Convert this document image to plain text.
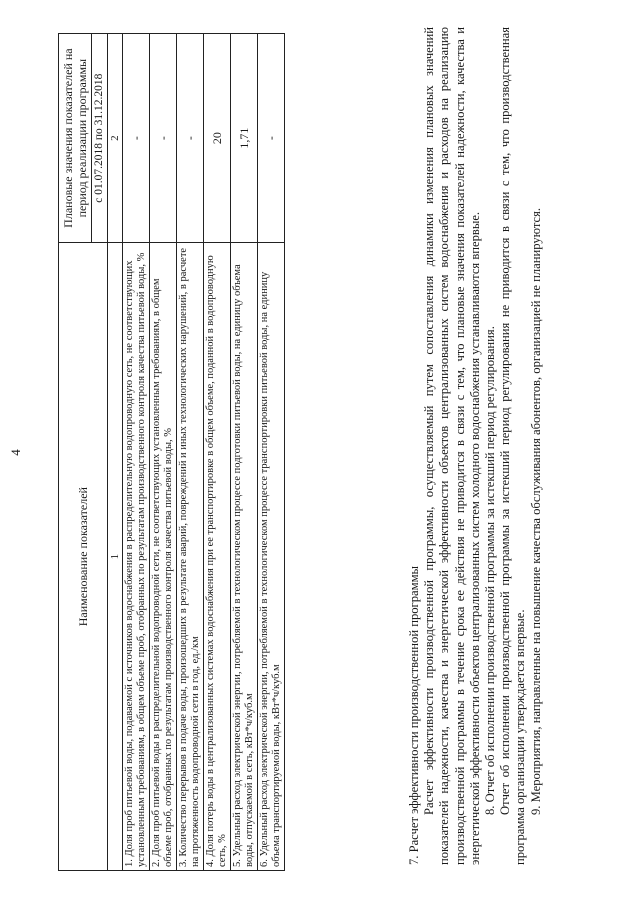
4
Наименование показателей	Плановые значения показателей на период реализации программы
	с 01.07.2018 по 31.12.2018
1	2
1. Доля проб питьевой воды, подаваемой с источников водоснабжения в распределительную водопроводную сеть, не соответствующих установленным требованиям, в общем объеме проб, отобранных по результатам производственного контроля качества питьевой воды, %	-
2. Доля проб питьевой воды в распределительной водопроводной сети, не соответствующих установленным требованиям, в общем объеме проб, отобранных по результатам производственного контроля качества питьевой воды, %	-
3. Количество перерывов в подаче воды, произошедших в результате аварий, повреждений и иных технологических нарушений, в расчете на протяженность водопроводной сети в год, ед./км	-
4. Доля потерь воды в централизованных системах водоснабжения при ее транспортировке в общем объеме, поданной в водопроводную сеть, %	20
5. Удельный расход электрической энергии, потребляемой в технологическом процессе подготовки питьевой воды, на единицу объема воды, отпускаемой в сеть, кВт*ч/куб.м	1,71
6. Удельный расход электрической энергии, потребляемой в технологическом процессе транспортировки питьевой воды, на единицу объема транспортируемой воды, кВт*ч/куб.м	-

7. Расчет эффективности производственной программы Расчет эффективности производственной программы, осуществляемый путем сопоставления динамики изменения плановых значений показателей надежности, качества и энергетической эффективности объектов централизованных систем водоснабжения и расходов на реализацию производственной программы в течение срока ее действия не приводится в связи с тем, что плановые значения показателей надежности, качества и энергетической эффективности объектов централизованных систем холодного водоснабжения устанавливаются впервые. 8. Отчет об исполнении производственной программы за истекший период регулирования. Отчет об исполнении производственной программы за истекший период регулирования не приводится в связи с тем, что производственная программа организации утверждается впервые. 9. Мероприятия, направленные на повышение качества обслуживания абонентов, организацией не планируются.
